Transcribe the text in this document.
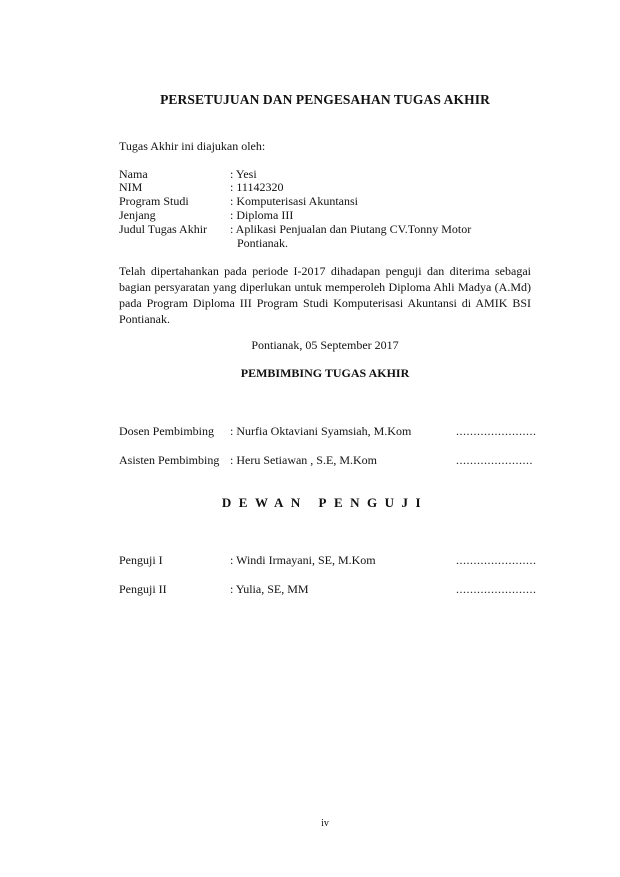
PERSETUJUAN DAN PENGESAHAN TUGAS AKHIR
Tugas Akhir ini diajukan oleh:
Nama	: Yesi
NIM	: 11142320
Program Studi	: Komputerisasi Akuntansi
Jenjang	: Diploma III
Judul Tugas Akhir : Aplikasi Penjualan dan Piutang CV.Tonny Motor
Pontianak.
Telah dipertahankan pada periode I-2017 dihadapan penguji dan diterima sebagai bagian persyaratan yang diperlukan untuk memperoleh Diploma Ahli Madya (A.Md) pada Program Diploma III Program Studi Komputerisasi Akuntansi di AMIK BSI Pontianak.
Pontianak, 05 September 2017
PEMBIMBING TUGAS AKHIR
Dosen Pembimbing : Nurfia Oktaviani Syamsiah, M.Kom	.......................
Asisten Pembimbing : Heru Setiawan , S.E, M.Kom	......................
DEWAN PENGUJI
Penguji I	: Windi Irmayani, SE, M.Kom	.......................
Penguji II	: Yulia, SE, MM	.......................
iv
